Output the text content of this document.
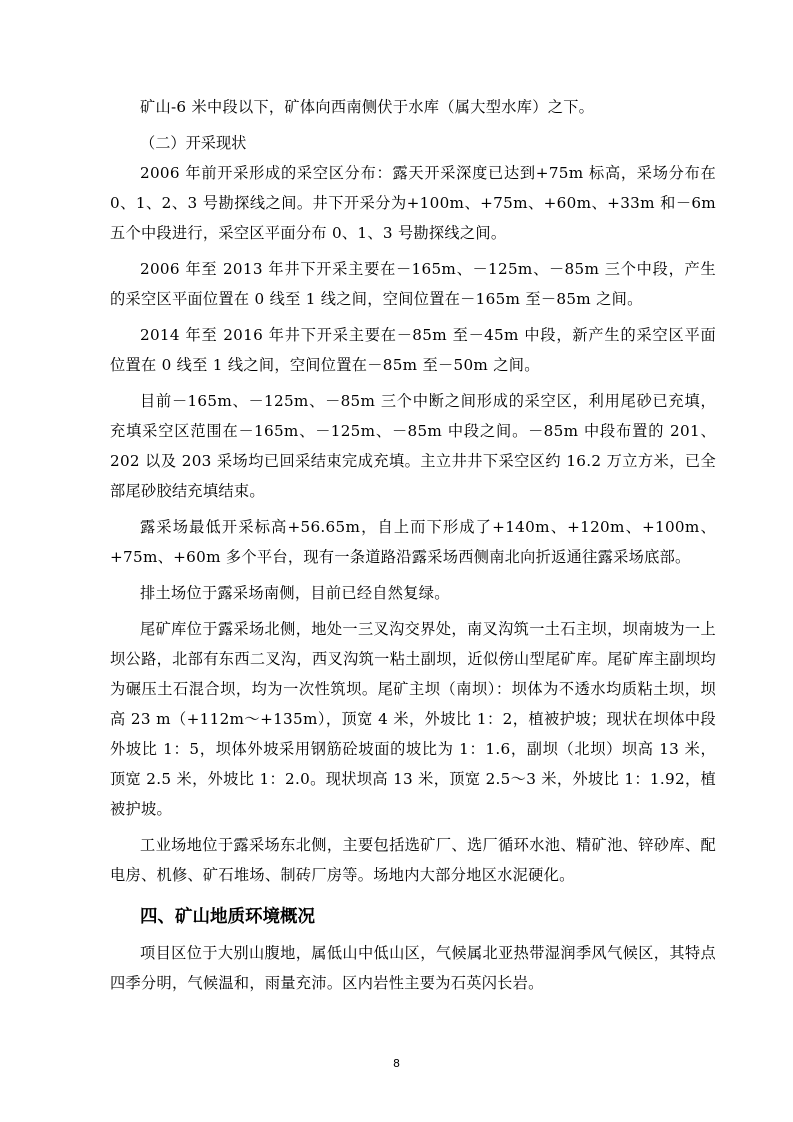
矿山-6 米中段以下，矿体向西南侧伏于水库（属大型水库）之下。

（二）开采现状

2006 年前开采形成的采空区分布：露天开采深度已达到+75m 标高，采场分布在 0、1、2、3 号勘探线之间。井下开采分为+100m、+75m、+60m、+33m 和－6m 五个中段进行，采空区平面分布 0、1、3 号勘探线之间。

2006 年至 2013 年井下开采主要在－165m、－125m、－85m 三个中段，产生的采空区平面位置在 0 线至 1 线之间，空间位置在－165m 至－85m 之间。

2014 年至 2016 年井下开采主要在－85m 至－45m 中段，新产生的采空区平面位置在 0 线至 1 线之间，空间位置在－85m 至－50m 之间。

目前－165m、－125m、－85m 三个中断之间形成的采空区，利用尾砂已充填，充填采空区范围在－165m、－125m、－85m 中段之间。－85m 中段布置的 201、202 以及 203 采场均已回采结束完成充填。主立井井下采空区约 16.2 万立方米，已全部尾砂胶结充填结束。

露采场最低开采标高+56.65m，自上而下形成了+140m、+120m、+100m、+75m、+60m 多个平台，现有一条道路沿露采场西侧南北向折返通往露采场底部。

排土场位于露采场南侧，目前已经自然复绿。

尾矿库位于露采场北侧，地处一三叉沟交界处，南叉沟筑一土石主坝，坝南坡为一上坝公路，北部有东西二叉沟，西叉沟筑一粘土副坝，近似傍山型尾矿库。尾矿库主副坝均为碾压土石混合坝，均为一次性筑坝。尾矿主坝（南坝）：坝体为不透水均质粘土坝，坝高 23 m（+112m～+135m），顶宽 4 米，外坡比 1：2，植被护坡；现状在坝体中段外坡比 1：5，坝体外坡采用钢筋砼坡面的坡比为 1：1.6，副坝（北坝）坝高 13 米，顶宽 2.5 米，外坡比 1：2.0。现状坝高 13 米，顶宽 2.5～3 米，外坡比 1：1.92，植被护坡。

工业场地位于露采场东北侧，主要包括选矿厂、选厂循环水池、精矿池、锌砂库、配电房、机修、矿石堆场、制砖厂房等。场地内大部分地区水泥硬化。

四、矿山地质环境概况

项目区位于大别山腹地，属低山中低山区，气候属北亚热带湿润季风气候区，其特点四季分明，气候温和，雨量充沛。区内岩性主要为石英闪长岩。

8
